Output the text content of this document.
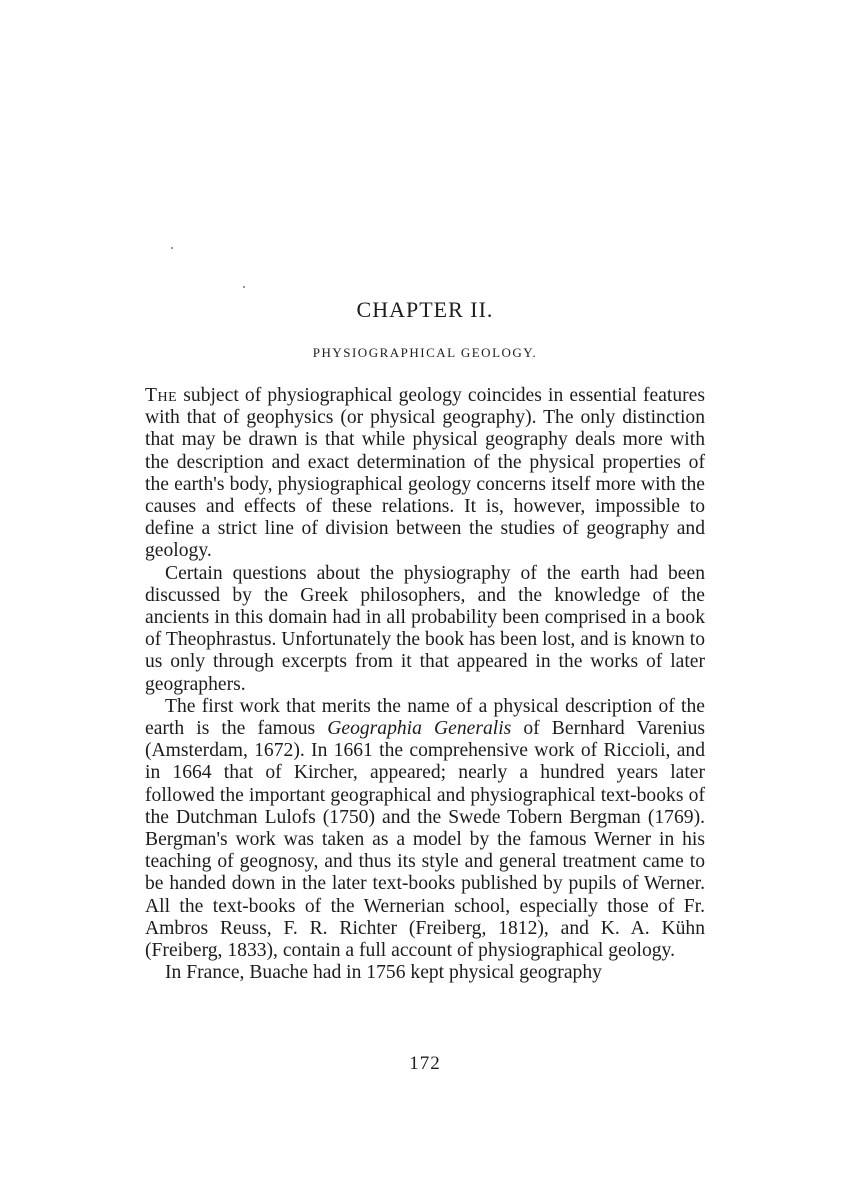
CHAPTER II.
PHYSIOGRAPHICAL GEOLOGY.

The subject of physiographical geology coincides in essential features with that of geophysics (or physical geography). The only distinction that may be drawn is that while physical geography deals more with the description and exact determination of the physical properties of the earth's body, physiographical geology concerns itself more with the causes and effects of these relations. It is, however, impossible to define a strict line of division between the studies of geography and geology.

Certain questions about the physiography of the earth had been discussed by the Greek philosophers, and the knowledge of the ancients in this domain had in all probability been comprised in a book of Theophrastus. Unfortunately the book has been lost, and is known to us only through excerpts from it that appeared in the works of later geographers.

The first work that merits the name of a physical description of the earth is the famous Geographia Generalis of Bernhard Varenius (Amsterdam, 1672). In 1661 the comprehensive work of Riccioli, and in 1664 that of Kircher, appeared; nearly a hundred years later followed the important geographical and physiographical text-books of the Dutchman Lulofs (1750) and the Swede Tobern Bergman (1769). Bergman's work was taken as a model by the famous Werner in his teaching of geognosy, and thus its style and general treatment came to be handed down in the later text-books published by pupils of Werner. All the text-books of the Wernerian school, especially those of Fr. Ambros Reuss, F. R. Richter (Freiberg, 1812), and K. A. Kühn (Freiberg, 1833), contain a full account of physiographical geology.

In France, Buache had in 1756 kept physical geography

172
